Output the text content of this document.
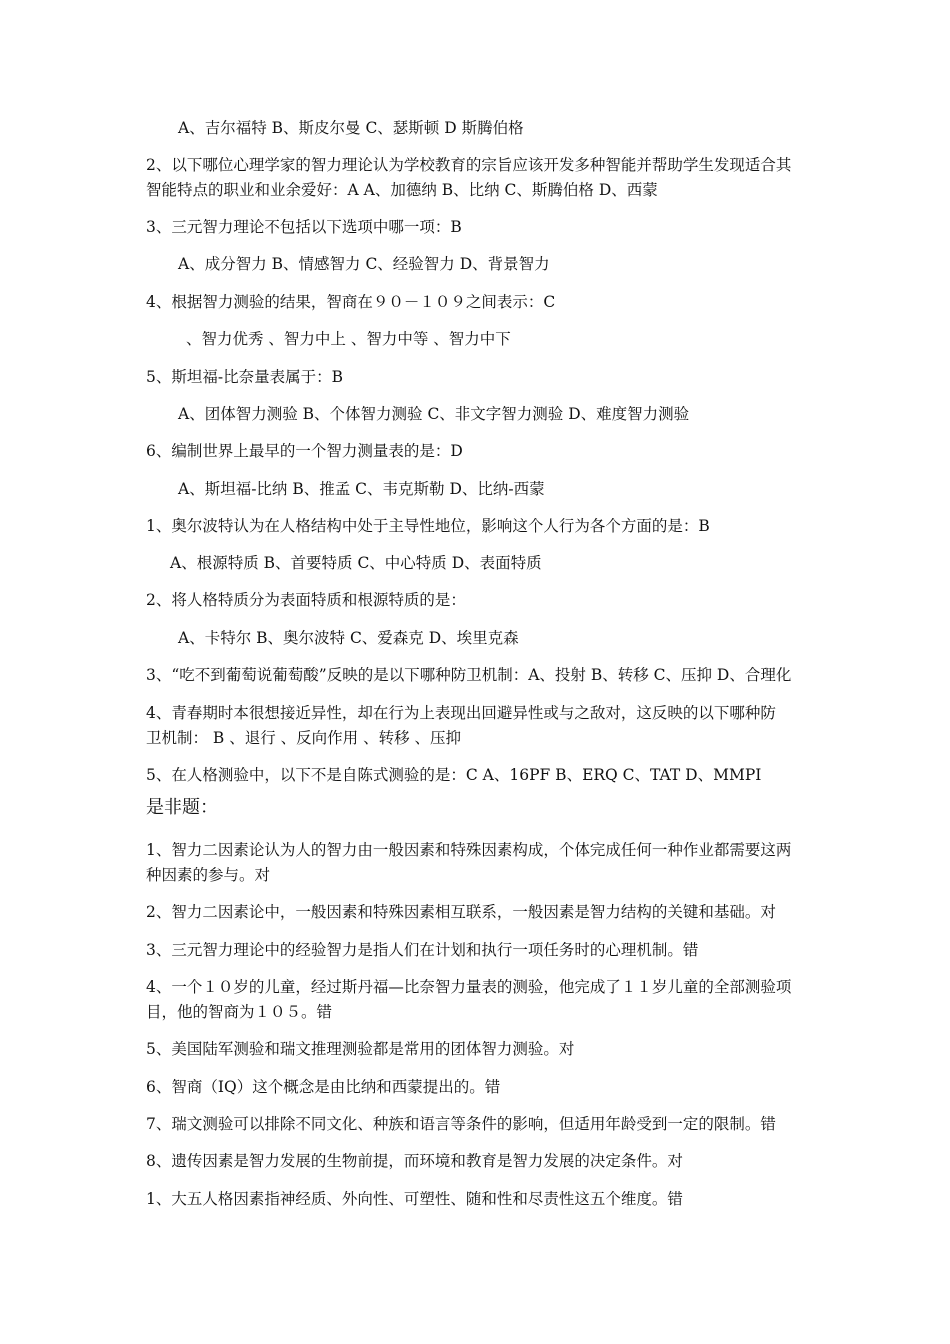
A、吉尔福特 B、斯皮尔曼 C、瑟斯顿 D 斯腾伯格
2、以下哪位心理学家的智力理论认为学校教育的宗旨应该开发多种智能并帮助学生发现适合其
智能特点的职业和业余爱好：A A、加德纳 B、比纳 C、斯腾伯格 D、西蒙
3、三元智力理论不包括以下选项中哪一项：B
A、成分智力 B、情感智力 C、经验智力 D、背景智力
4、根据智力测验的结果，智商在９０－１０９之间表示：C
、智力优秀 、智力中上 、智力中等 、智力中下
5、斯坦福-比奈量表属于：B
A、团体智力测验 B、个体智力测验 C、非文字智力测验 D、难度智力测验
6、编制世界上最早的一个智力测量表的是：D
A、斯坦福-比纳 B、推孟 C、韦克斯勒 D、比纳-西蒙
1、奥尔波特认为在人格结构中处于主导性地位，影响这个人行为各个方面的是：B
A、根源特质 B、首要特质 C、中心特质 D、表面特质
2、将人格特质分为表面特质和根源特质的是：
A、卡特尔 B、奥尔波特 C、爱森克 D、埃里克森
3、“吃不到葡萄说葡萄酸”反映的是以下哪种防卫机制：A、投射 B、转移 C、压抑 D、合理化
4、青春期时本很想接近异性，却在行为上表现出回避异性或与之敌对，这反映的以下哪种防
卫机制： B 、退行 、反向作用 、转移 、压抑
5、在人格测验中，以下不是自陈式测验的是：C A、16PF B、ERQ C、TAT D、MMPI
是非题：
1、智力二因素论认为人的智力由一般因素和特殊因素构成，个体完成任何一种作业都需要这两
种因素的参与。对
2、智力二因素论中，一般因素和特殊因素相互联系，一般因素是智力结构的关键和基础。对
3、三元智力理论中的经验智力是指人们在计划和执行一项任务时的心理机制。错
4、一个１０岁的儿童，经过斯丹福—比奈智力量表的测验，他完成了１１岁儿童的全部测验项
目，他的智商为１０５。错
5、美国陆军测验和瑞文推理测验都是常用的团体智力测验。对
6、智商（IQ）这个概念是由比纳和西蒙提出的。错
7、瑞文测验可以排除不同文化、种族和语言等条件的影响，但适用年龄受到一定的限制。错
8、遗传因素是智力发展的生物前提，而环境和教育是智力发展的决定条件。对
1、大五人格因素指神经质、外向性、可塑性、随和性和尽责性这五个维度。错
